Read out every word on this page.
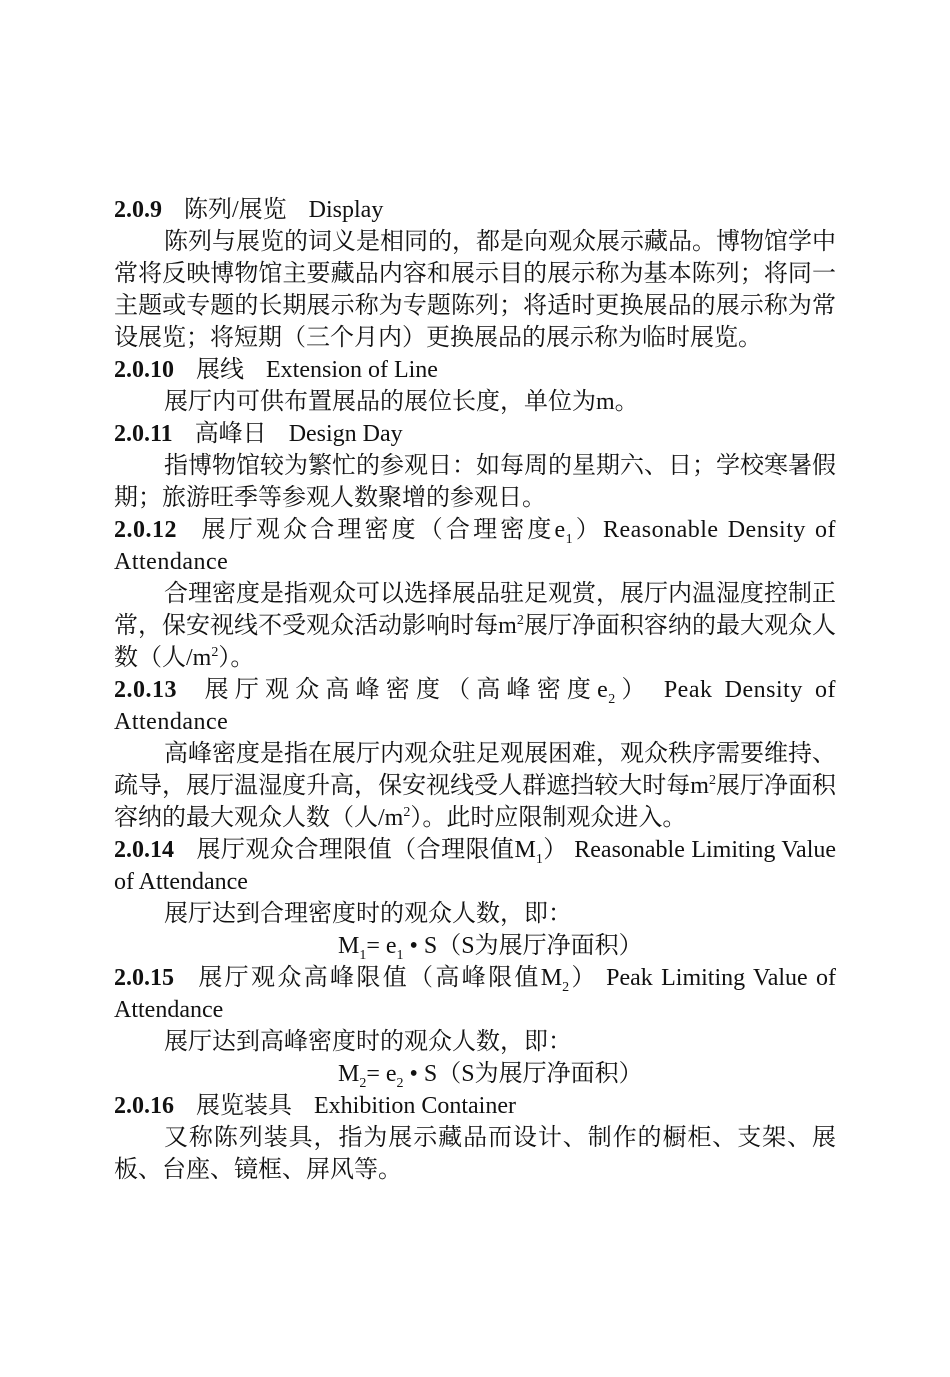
2.0.9 陈列/展览 Display

陈列与展览的词义是相同的，都是向观众展示藏品。博物馆学中常将反映博物馆主要藏品内容和展示目的展示称为基本陈列；将同一主题或专题的长期展示称为专题陈列；将适时更换展品的展示称为常设展览；将短期（三个月内）更换展品的展示称为临时展览。

2.0.10 展线 Extension of Line

展厅内可供布置展品的展位长度，单位为m。

2.0.11 高峰日 Design Day

指博物馆较为繁忙的参观日：如每周的星期六、日；学校寒暑假期；旅游旺季等参观人数聚增的参观日。

2.0.12 展厅观众合理密度（合理密度$e_1)Reasonable$ Density of Attendance

合理密度是指观众可以选择展品驻足观赏，展厅内温湿度控制正常，保安视线不受观众活动影响时每$m^2$展厅净面积容纳的最大观众人数（人$/m^2$）。

2.0.13 展厅观众高峰密度（高峰密度$e_2$） Peak Density of Attendance

高峰密度是指在展厅内观众驻足观展困难，观众秩序需要维持、疏导，展厅温湿度升高，保安视线受人群遮挡较大时每$m^2$展厅净面积容纳的最大观众人数（人$/m^2$）。此时应限制观众进入。

2.0.14 展厅观众合理限值（合理限值$M_1$） Reasonable Limiting Value of Attendance

展厅达到合理密度时的观众人数，即：

$M_1= e_1$ • S（S为展厅净面积）

2.0.15 展厅观众高峰限值（高峰限值$M_2$） Peak Limiting Value of Attendance

展厅达到高峰密度时的观众人数，即：

$M_2= e_2$ • S（S为展厅净面积）

2.0.16 展览装具 Exhibition Container

又称陈列装具，指为展示藏品而设计、制作的橱柜、支架、展板、台座、镜框、屏风等。
